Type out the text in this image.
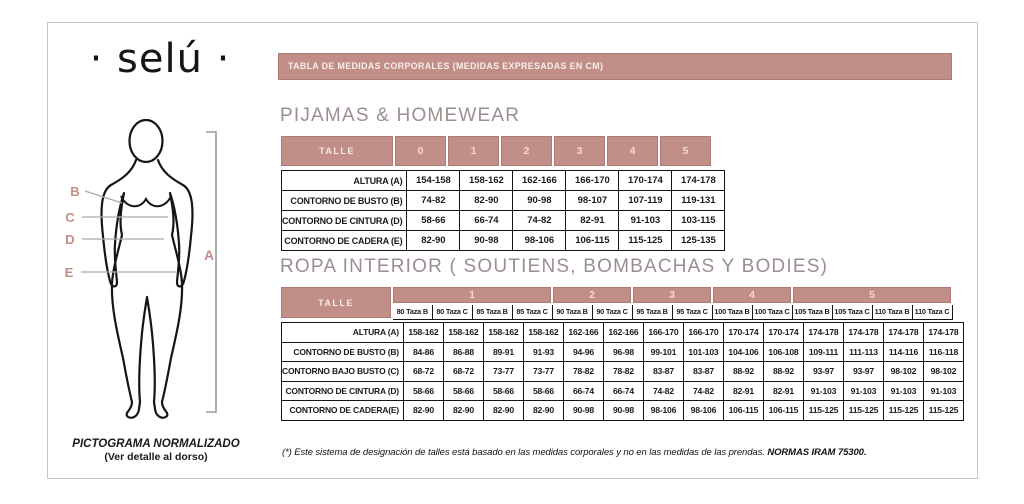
· selú ·
A
B
C
D
E
PICTOGRAMA NORMALIZADO
(Ver detalle al dorso)
TABLA DE MEDIDAS CORPORALES (MEDIDAS EXPRESADAS EN CM)
PIJAMAS & HOMEWEAR
TALLE	0	1	2	3	4	5
ALTURA (A)	154-158	158-162	162-166	166-170	170-174	174-178
CONTORNO DE BUSTO (B)	74-82	82-90	90-98	98-107	107-119	119-131
CONTORNO DE CINTURA (D)	58-66	66-74	74-82	82-91	91-103	103-115
CONTORNO DE CADERA (E)	82-90	90-98	98-106	106-115	115-125	125-135
ROPA INTERIOR ( SOUTIENS, BOMBACHAS Y BODIES)
TALLE	1				2		3		4		5			
	80 Taza B	80 Taza C	85 Taza B	85 Taza C	90 Taza B	90 Taza C	95 Taza B	95 Taza C	100 Taza B	100 Taza C	105 Taza B	105 Taza C	110 Taza B	110 Taza C
ALTURA (A)	158-162	158-162	158-162	158-162	162-166	162-166	166-170	166-170	170-174	170-174	174-178	174-178	174-178	174-178
CONTORNO DE BUSTO (B)	84-86	86-88	89-91	91-93	94-96	96-98	99-101	101-103	104-106	106-108	109-111	111-113	114-116	116-118
CONTORNO BAJO BUSTO (C)	68-72	68-72	73-77	73-77	78-82	78-82	83-87	83-87	88-92	88-92	93-97	93-97	98-102	98-102
CONTORNO DE CINTURA (D)	58-66	58-66	58-66	58-66	66-74	66-74	74-82	74-82	82-91	82-91	91-103	91-103	91-103	91-103
CONTORNO DE CADERA(E)	82-90	82-90	82-90	82-90	90-98	90-98	98-106	98-106	106-115	106-115	115-125	115-125	115-125	115-125
(*) Este sistema de designación de talles está basado en las medidas corporales y no en las medidas de las prendas. NORMAS IRAM 75300.
